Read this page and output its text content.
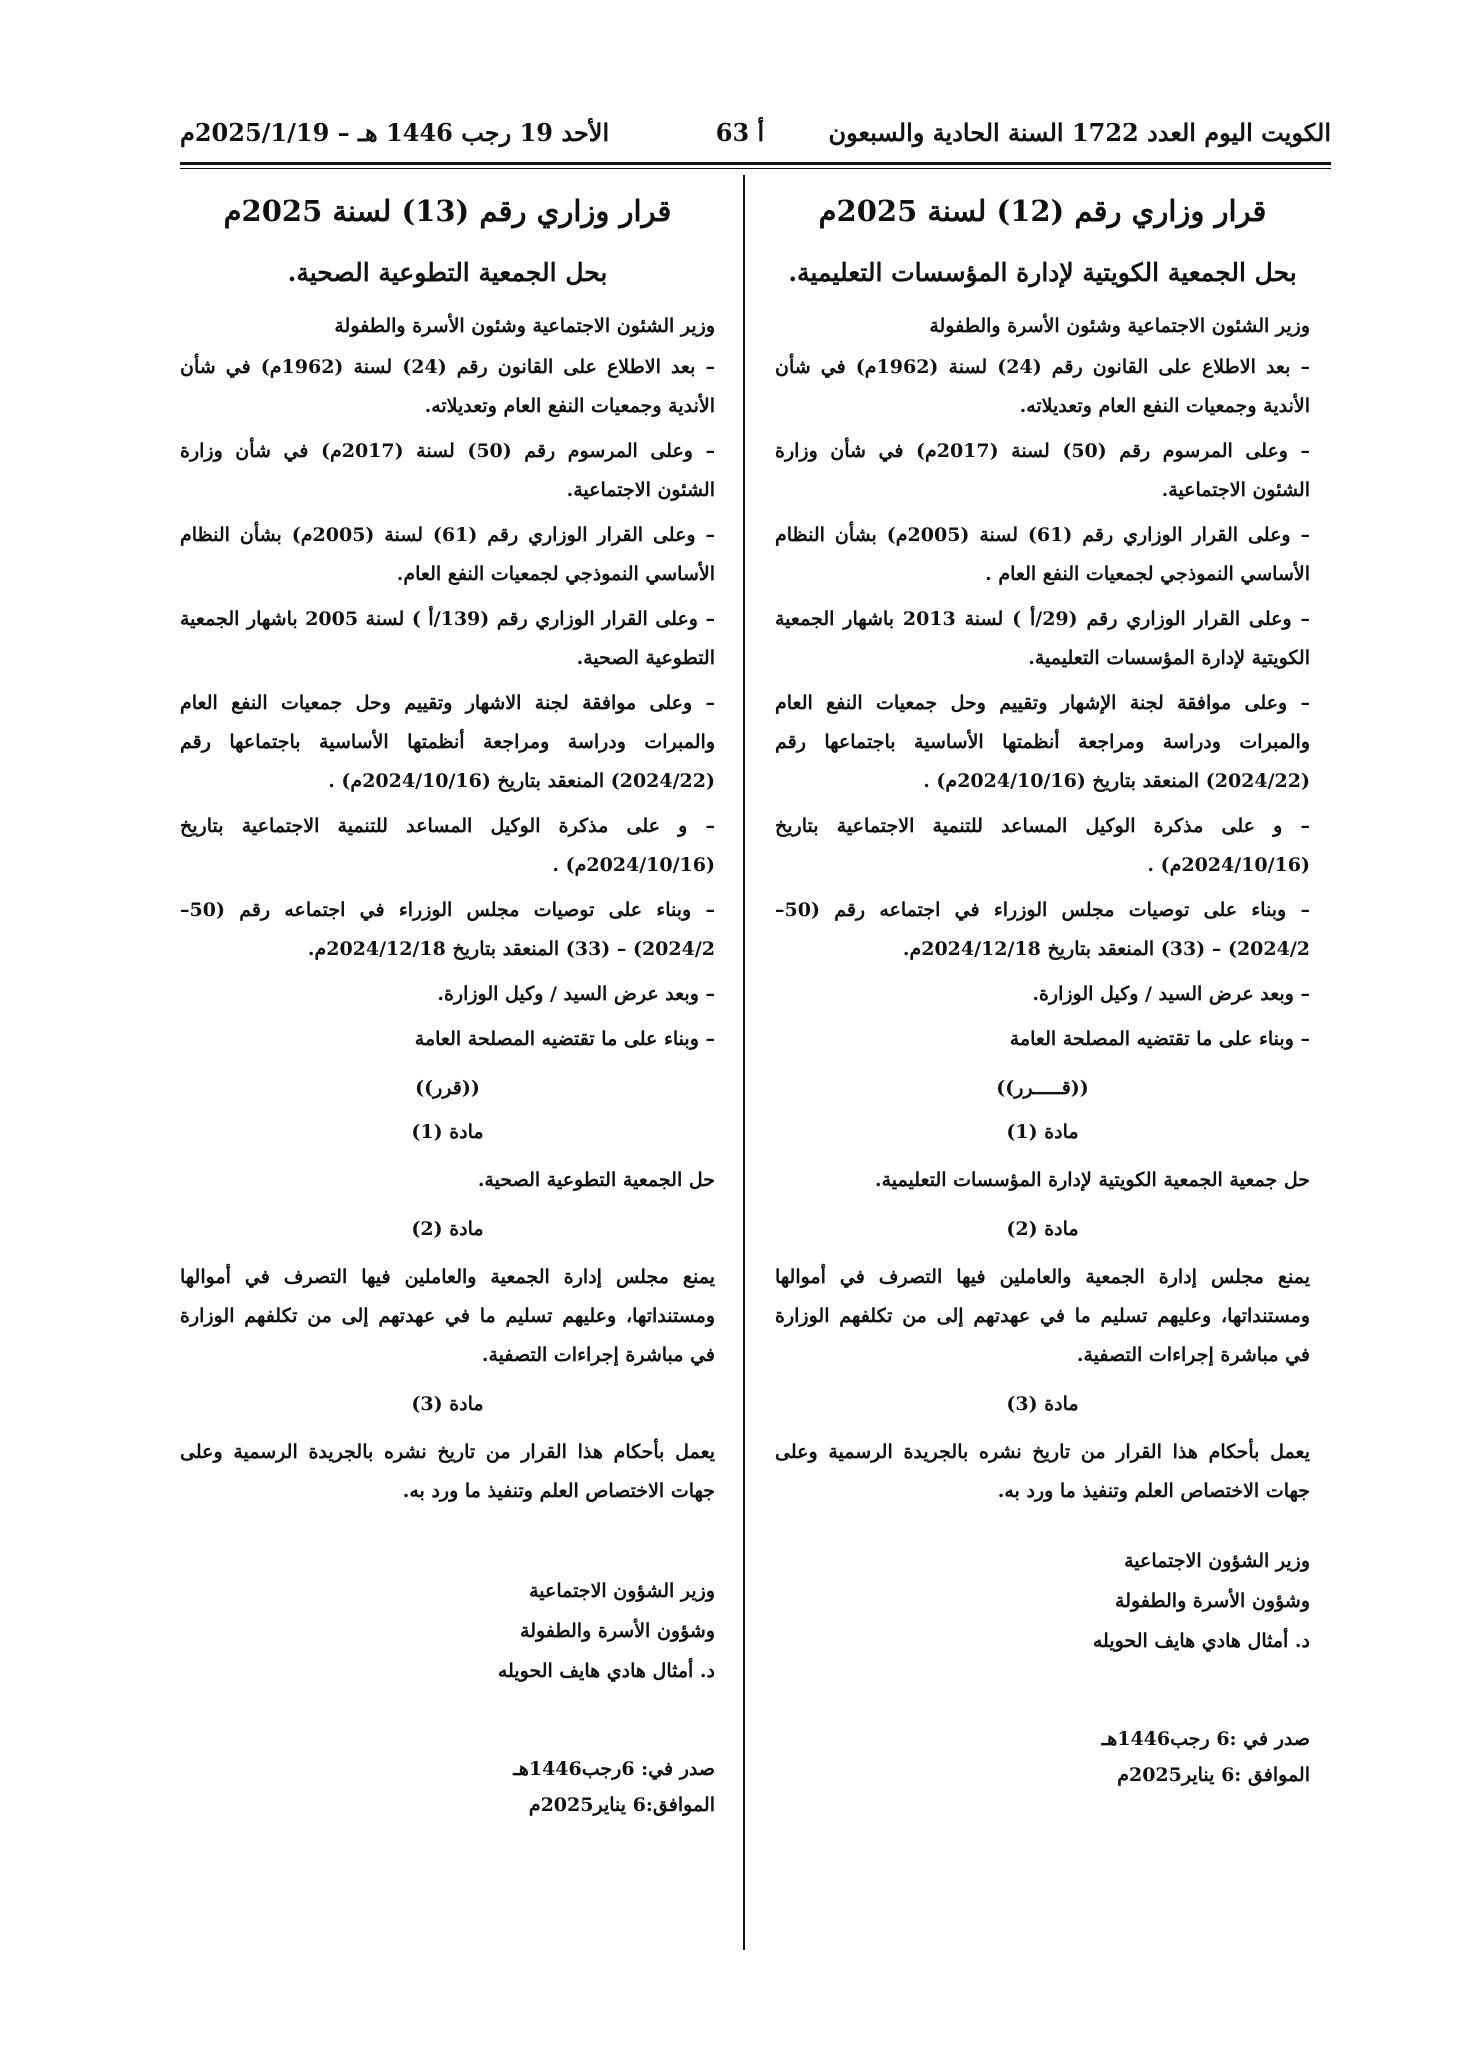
الكويت اليوم العدد 1722 السنة الحادية والسبعون
أ 63
الأحد 19 رجب 1446 هـ – 2025/1/19م
قرار وزاري رقم (12) لسنة 2025م
بحل الجمعية الكويتية لإدارة المؤسسات التعليمية.
وزير الشئون الاجتماعية وشئون الأسرة والطفولة
– بعد الاطلاع على القانون رقم (24) لسنة (1962م) في شأن الأندية وجمعيات النفع العام وتعديلاته.
– وعلى المرسوم رقم (50) لسنة (2017م) في شأن وزارة الشئون الاجتماعية.
– وعلى القرار الوزاري رقم (61) لسنة (2005م) بشأن النظام الأساسي النموذجي لجمعيات النفع العام .
– وعلى القرار الوزاري رقم (29/أ ) لسنة 2013 باشهار الجمعية الكويتية لإدارة المؤسسات التعليمية.
– وعلى موافقة لجنة الإشهار وتقييم وحل جمعيات النفع العام والمبرات ودراسة ومراجعة أنظمتها الأساسية باجتماعها رقم (2024/22) المنعقد بتاريخ (2024/10/16م) .
– و على مذكرة الوكيل المساعد للتنمية الاجتماعية بتاريخ (2024/10/16م) .
– وبناء على توصيات مجلس الوزراء في اجتماعه رقم (50–2024/2) – (33) المنعقد بتاريخ 2024/12/18م.
– وبعد عرض السيد / وكيل الوزارة.
– وبناء على ما تقتضيه المصلحة العامة
((قـــــرر))
مادة (1)
حل جمعية الجمعية الكويتية لإدارة المؤسسات التعليمية.
مادة (2)
يمنع مجلس إدارة الجمعية والعاملين فيها التصرف في أموالها ومستنداتها، وعليهم تسليم ما في عهدتهم إلى من تكلفهم الوزارة في مباشرة إجراءات التصفية.
مادة (3)
يعمل بأحكام هذا القرار من تاريخ نشره بالجريدة الرسمية وعلى جهات الاختصاص العلم وتنفيذ ما ورد به.
وزير الشؤون الاجتماعية
وشؤون الأسرة والطفولة
د. أمثال هادي هايف الحويله
صدر في :6 رجب1446هـ
الموافق :6 يناير2025م
قرار وزاري رقم (13) لسنة 2025م
بحل الجمعية التطوعية الصحية.
وزير الشئون الاجتماعية وشئون الأسرة والطفولة
– بعد الاطلاع على القانون رقم (24) لسنة (1962م) في شأن الأندية وجمعيات النفع العام وتعديلاته.
– وعلى المرسوم رقم (50) لسنة (2017م) في شأن وزارة الشئون الاجتماعية.
– وعلى القرار الوزاري رقم (61) لسنة (2005م) بشأن النظام الأساسي النموذجي لجمعيات النفع العام.
– وعلى القرار الوزاري رقم (139/أ ) لسنة 2005 باشهار الجمعية التطوعية الصحية.
– وعلى موافقة لجنة الاشهار وتقييم وحل جمعيات النفع العام والمبرات ودراسة ومراجعة أنظمتها الأساسية باجتماعها رقم (2024/22) المنعقد بتاريخ (2024/10/16م) .
– و على مذكرة الوكيل المساعد للتنمية الاجتماعية بتاريخ (2024/10/16م) .
– وبناء على توصيات مجلس الوزراء في اجتماعه رقم (50–2024/2) – (33) المنعقد بتاريخ 2024/12/18م.
– وبعد عرض السيد / وكيل الوزارة.
– وبناء على ما تقتضيه المصلحة العامة
((قرر))
مادة (1)
حل الجمعية التطوعية الصحية.
مادة (2)
يمنع مجلس إدارة الجمعية والعاملين فيها التصرف في أموالها ومستنداتها، وعليهم تسليم ما في عهدتهم إلى من تكلفهم الوزارة في مباشرة إجراءات التصفية.
مادة (3)
يعمل بأحكام هذا القرار من تاريخ نشره بالجريدة الرسمية وعلى جهات الاختصاص العلم وتنفيذ ما ورد به.
وزير الشؤون الاجتماعية
وشؤون الأسرة والطفولة
د. أمثال هادي هايف الحويله
صدر في: 6رجب1446هـ
الموافق:6 يناير2025م
